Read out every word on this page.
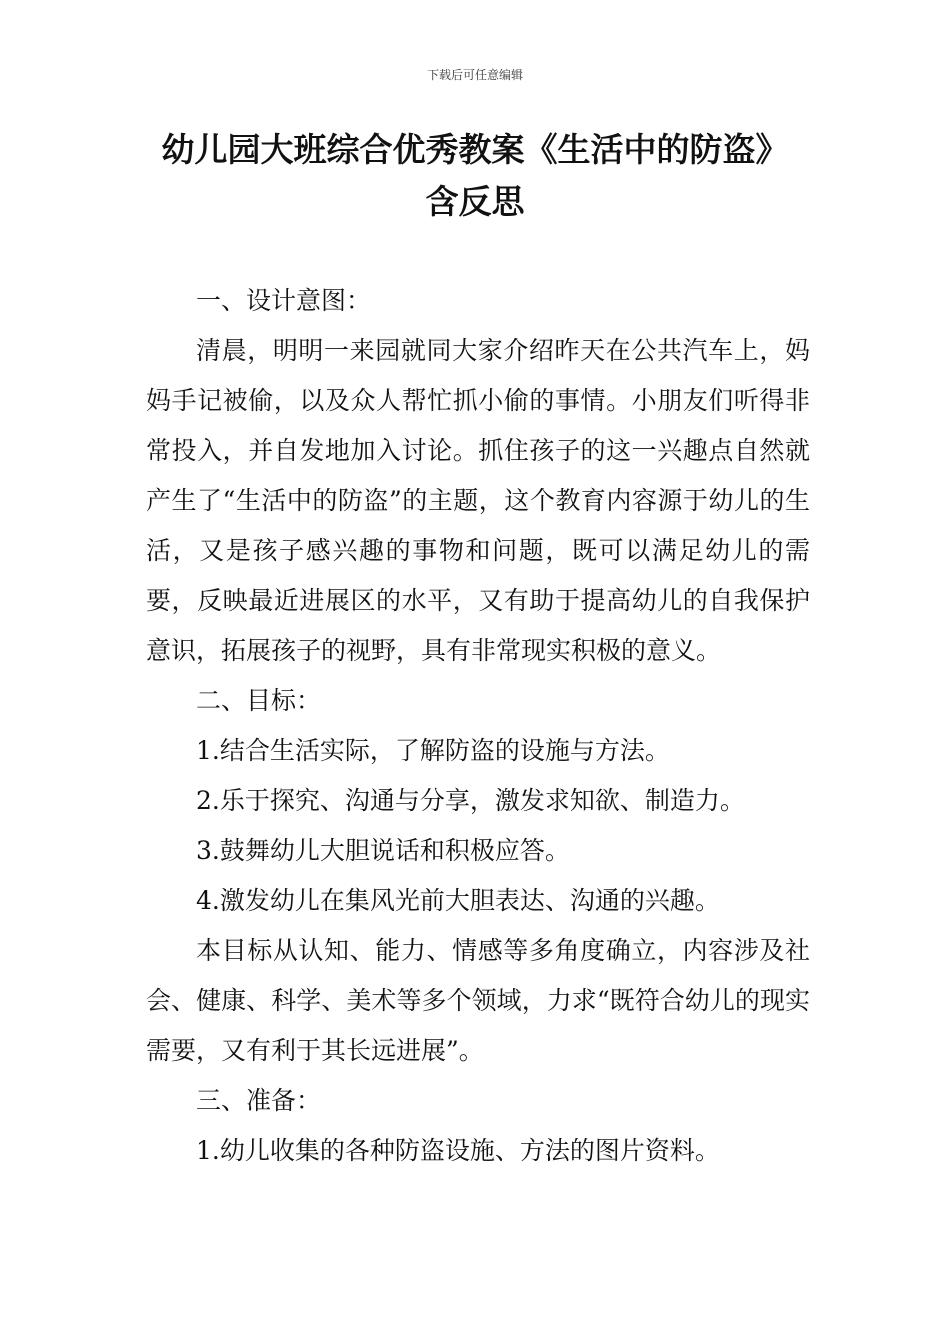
下载后可任意编辑
幼儿园大班综合优秀教案《生活中的防盗》含反思

一、设计意图：

清晨，明明一来园就同大家介绍昨天在公共汽车上，妈妈手记被偷，以及众人帮忙抓小偷的事情。小朋友们听得非常投入，并自发地加入讨论。抓住孩子的这一兴趣点自然就产生了“生活中的防盗”的主题，这个教育内容源于幼儿的生活，又是孩子感兴趣的事物和问题，既可以满足幼儿的需要，反映最近进展区的水平，又有助于提高幼儿的自我保护意识，拓展孩子的视野，具有非常现实积极的意义。

二、目标：

1.结合生活实际，了解防盗的设施与方法。

2.乐于探究、沟通与分享，激发求知欲、制造力。

3.鼓舞幼儿大胆说话和积极应答。

4.激发幼儿在集风光前大胆表达、沟通的兴趣。

本目标从认知、能力、情感等多角度确立，内容涉及社会、健康、科学、美术等多个领域，力求“既符合幼儿的现实需要，又有利于其长远进展”。

三、准备：

1.幼儿收集的各种防盗设施、方法的图片资料。
